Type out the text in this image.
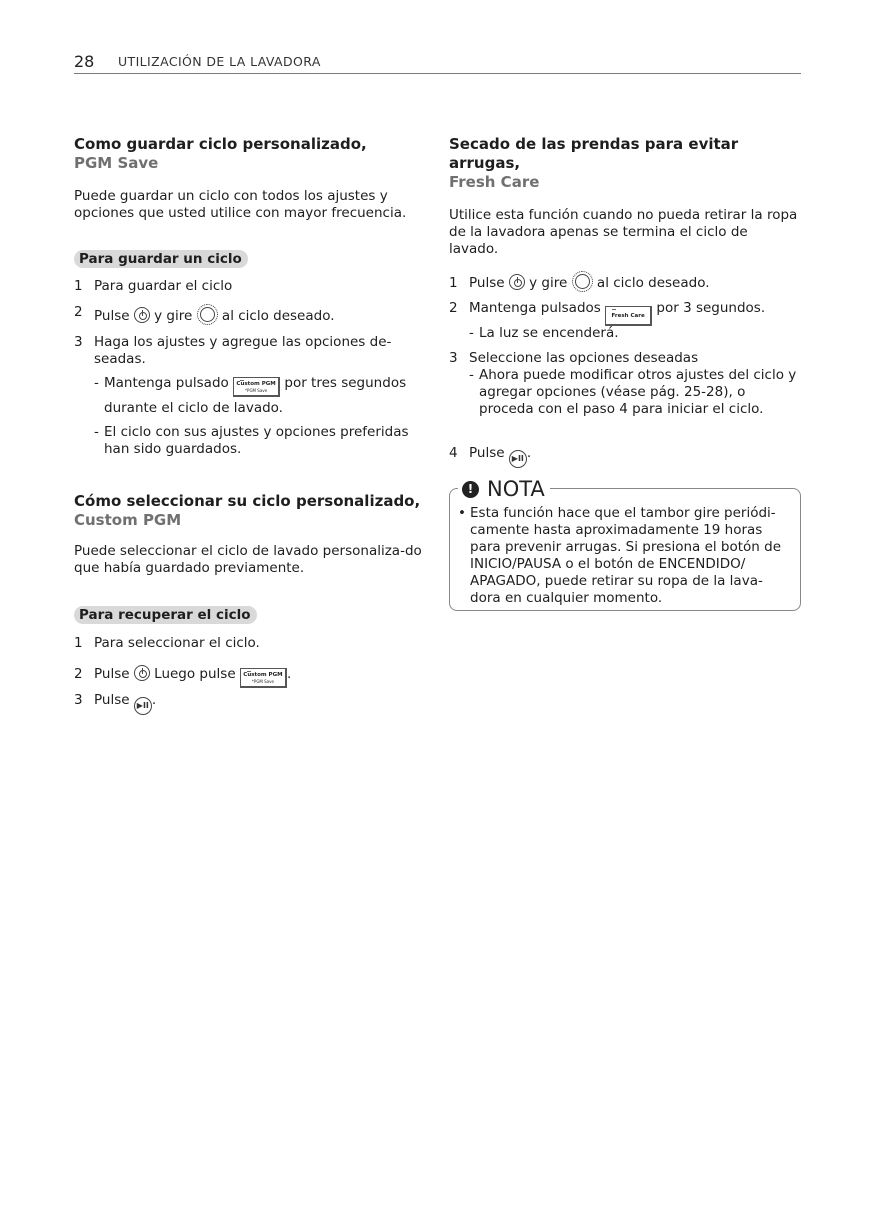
28 UTILIZACIÓN DE LA LAVADORA
Como guardar ciclo personalizado,
PGM Save

Puede guardar un ciclo con todos los ajustes y opciones que usted utilice con mayor frecuencia.

Para guardar un ciclo
1 Para guardar el ciclo
2 Pulse y gire al ciclo deseado.
3 Haga los ajustes y agregue las opciones de-seadas.
- Mantenga pulsado	Custom PGM
*PGM Save	por tres segundos durante el ciclo de lavado.
- El ciclo con sus ajustes y opciones preferidas han sido guardados.
Cómo seleccionar su ciclo personalizado,
Custom PGM

Puede seleccionar el ciclo de lavado personaliza-do que había guardado previamente.

Para recuperar el ciclo
1 Para seleccionar el ciclo.
2 Pulse Luego pulse	Custom PGM
*PGM Save .
3 Pulse ▶II .
Secado de las prendas para evitar arrugas,
Fresh Care

Utilice esta función cuando no pueda retirar la ropa de la lavadora apenas se termina el ciclo de lavado.

1 Pulse y gire al ciclo deseado.
2 Mantenga pulsados	Fresh Care por 3 segundos.
- La luz se encenderá.
3 Seleccione las opciones deseadas
- Ahora puede modificar otros ajustes del ciclo y agregar opciones (véase pág. 25-28), o proceda con el paso 4 para iniciar el ciclo.
4 Pulse ▶II .
! NOTA
• Esta función hace que el tambor gire periódi-camente hasta aproximadamente 19 horas para prevenir arrugas. Si presiona el botón de INICIO/PAUSA o el botón de ENCENDIDO/ APAGADO, puede retirar su ropa de la lava-dora en cualquier momento.
